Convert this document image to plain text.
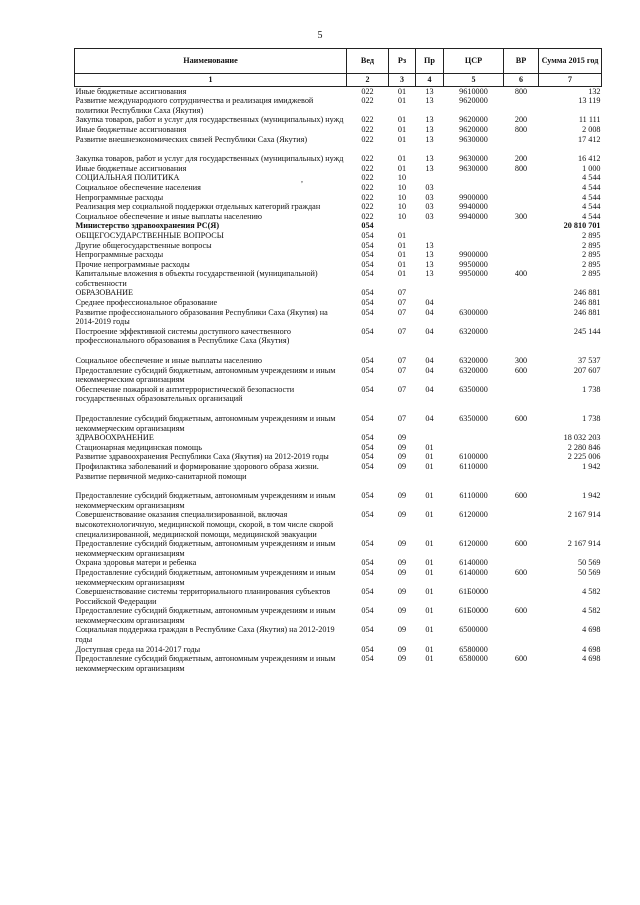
5
,
Наименование	Вед	Рз	Пр	ЦСР	ВР	Сумма 2015 год
1	2	3	4	5	6	7
Иные бюджетные ассигнования	022	01	13	9610000	800	132
Развитие международного сотрудничества и реализация имиджевой политики Республики Саха (Якутия)	022	01	13	9620000		13 119
Закупка товаров, работ и услуг для государственных (муниципальных) нужд	022	01	13	9620000	200	11 111
Иные бюджетные ассигнования	022	01	13	9620000	800	2 008
Развитие внешнеэкономических связей Республики Саха (Якутия)	022	01	13	9630000		17 412
Закупка товаров, работ и услуг для государственных (муниципальных) нужд	022	01	13	9630000	200	16 412
Иные бюджетные ассигнования	022	01	13	9630000	800	1 000
СОЦИАЛЬНАЯ ПОЛИТИКА	022	10				4 544
Социальное обеспечение населения	022	10	03			4 544
Непрограммные расходы	022	10	03	9900000		4 544
Реализация мер социальной поддержки отдельных категорий граждан	022	10	03	9940000		4 544
Социальное обеспечение и иные выплаты населению	022	10	03	9940000	300	4 544
Министерство здравоохранения РС(Я)	054					20 810 701
ОБЩЕГОСУДАРСТВЕННЫЕ ВОПРОСЫ	054	01				2 895
Другие общегосударственные вопросы	054	01	13			2 895
Непрограммные расходы	054	01	13	9900000		2 895
Прочие непрограммные расходы	054	01	13	9950000		2 895
Капитальные вложения в объекты государственной (муниципальной) собственности	054	01	13	9950000	400	2 895
ОБРАЗОВАНИЕ	054	07				246 881
Среднее профессиональное образование	054	07	04			246 881
Развитие профессионального образования Республики Саха (Якутия) на 2014-2019 годы	054	07	04	6300000		246 881
Построение эффективной системы доступного качественного профессионального образования в Республике Саха (Якутия)	054	07	04	6320000		245 144
Социальное обеспечение и иные выплаты населению	054	07	04	6320000	300	37 537
Предоставление субсидий бюджетным, автономным учреждениям и иным некоммерческим организациям	054	07	04	6320000	600	207 607
Обеспечение пожарной и антитеррористической безопасности государственных образовательных организаций	054	07	04	6350000		1 738
Предоставление субсидий бюджетным, автономным учреждениям и иным некоммерческим организациям	054	07	04	6350000	600	1 738
ЗДРАВООХРАНЕНИЕ	054	09				18 032 203
Стационарная медицинская помощь	054	09	01			2 280 846
Развитие здравоохранения Республики Саха (Якутия) на 2012-2019 годы	054	09	01	6100000		2 225 006
Профилактика заболеваний и формирование здорового образа жизни. Развитие первичной медико-санитарной помощи	054	09	01	6110000		1 942
Предоставление субсидий бюджетным, автономным учреждениям и иным некоммерческим организациям	054	09	01	6110000	600	1 942
Совершенствование оказания специализированной, включая высокотехнологичную, медицинской помощи, скорой, в том числе скорой специализированной, медицинской помощи, медицинской эвакуации	054	09	01	6120000		2 167 914
Предоставление субсидий бюджетным, автономным учреждениям и иным некоммерческим организациям	054	09	01	6120000	600	2 167 914
Охрана здоровья матери и ребенка	054	09	01	6140000		50 569
Предоставление субсидий бюджетным, автономным учреждениям и иным некоммерческим организациям	054	09	01	6140000	600	50 569
Совершенствование системы территориального планирования субъектов Российской Федерации	054	09	01	61Б0000		4 582
Предоставление субсидий бюджетным, автономным учреждениям и иным некоммерческим организациям	054	09	01	61Б0000	600	4 582
Социальная поддержка граждан в Республике Саха (Якутия) на 2012-2019 годы	054	09	01	6500000		4 698
Доступная среда на 2014-2017 годы	054	09	01	6580000		4 698
Предоставление субсидий бюджетным, автономным учреждениям и иным некоммерческим организациям	054	09	01	6580000	600	4 698
